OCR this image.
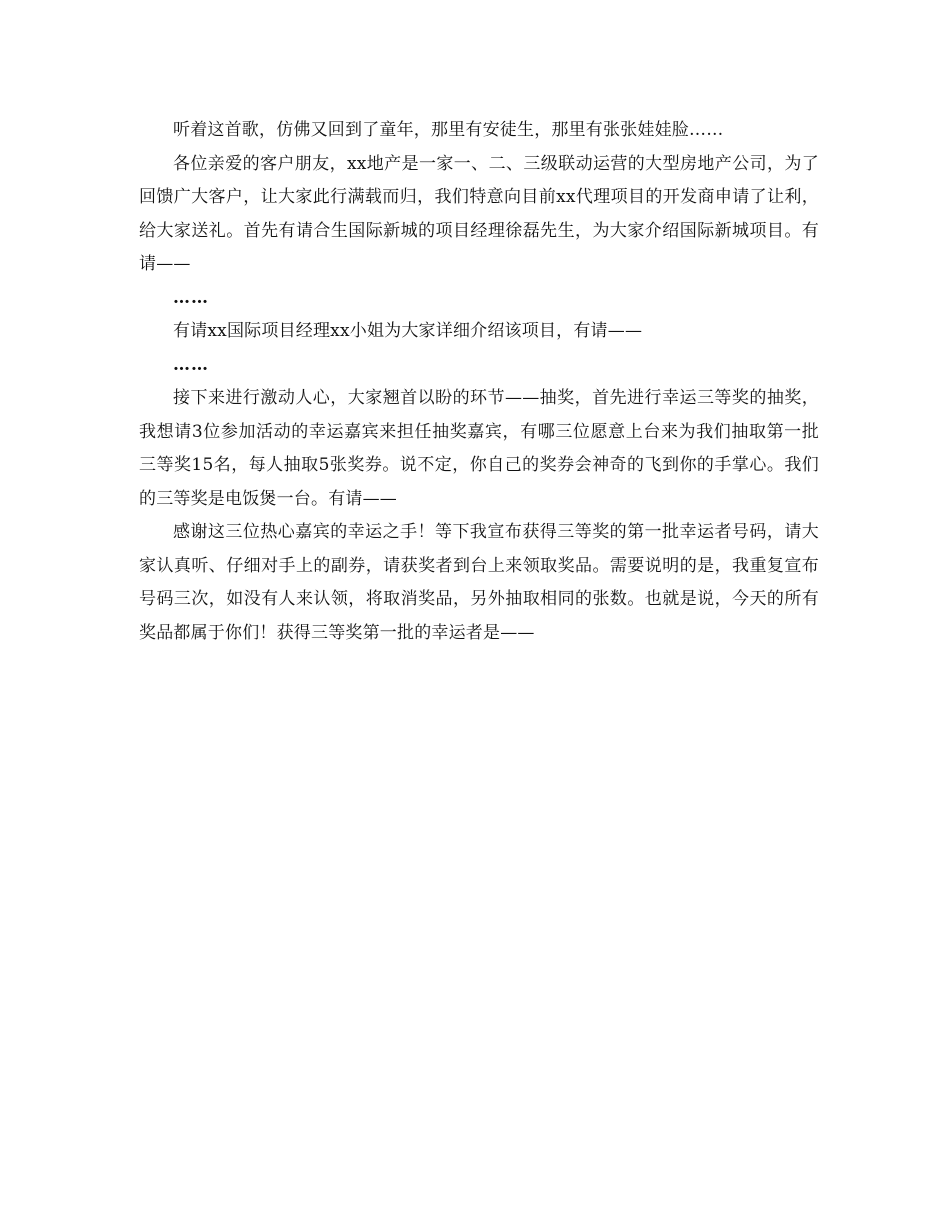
听着这首歌，仿佛又回到了童年，那里有安徒生，那里有张张娃娃脸……

各位亲爱的客户朋友，xx地产是一家一、二、三级联动运营的大型房地产公司，为了回馈广大客户，让大家此行满载而归，我们特意向目前xx代理项目的开发商申请了让利，给大家送礼。首先有请合生国际新城的项目经理徐磊先生，为大家介绍国际新城项目。有请——

……

有请xx国际项目经理xx小姐为大家详细介绍该项目，有请——

……

接下来进行激动人心，大家翘首以盼的环节——抽奖，首先进行幸运三等奖的抽奖，我想请3位参加活动的幸运嘉宾来担任抽奖嘉宾，有哪三位愿意上台来为我们抽取第一批三等奖15名，每人抽取5张奖券。说不定，你自己的奖券会神奇的飞到你的手掌心。我们的三等奖是电饭煲一台。有请——

感谢这三位热心嘉宾的幸运之手！等下我宣布获得三等奖的第一批幸运者号码，请大家认真听、仔细对手上的副券，请获奖者到台上来领取奖品。需要说明的是，我重复宣布号码三次，如没有人来认领，将取消奖品，另外抽取相同的张数。也就是说，今天的所有奖品都属于你们！获得三等奖第一批的幸运者是——
